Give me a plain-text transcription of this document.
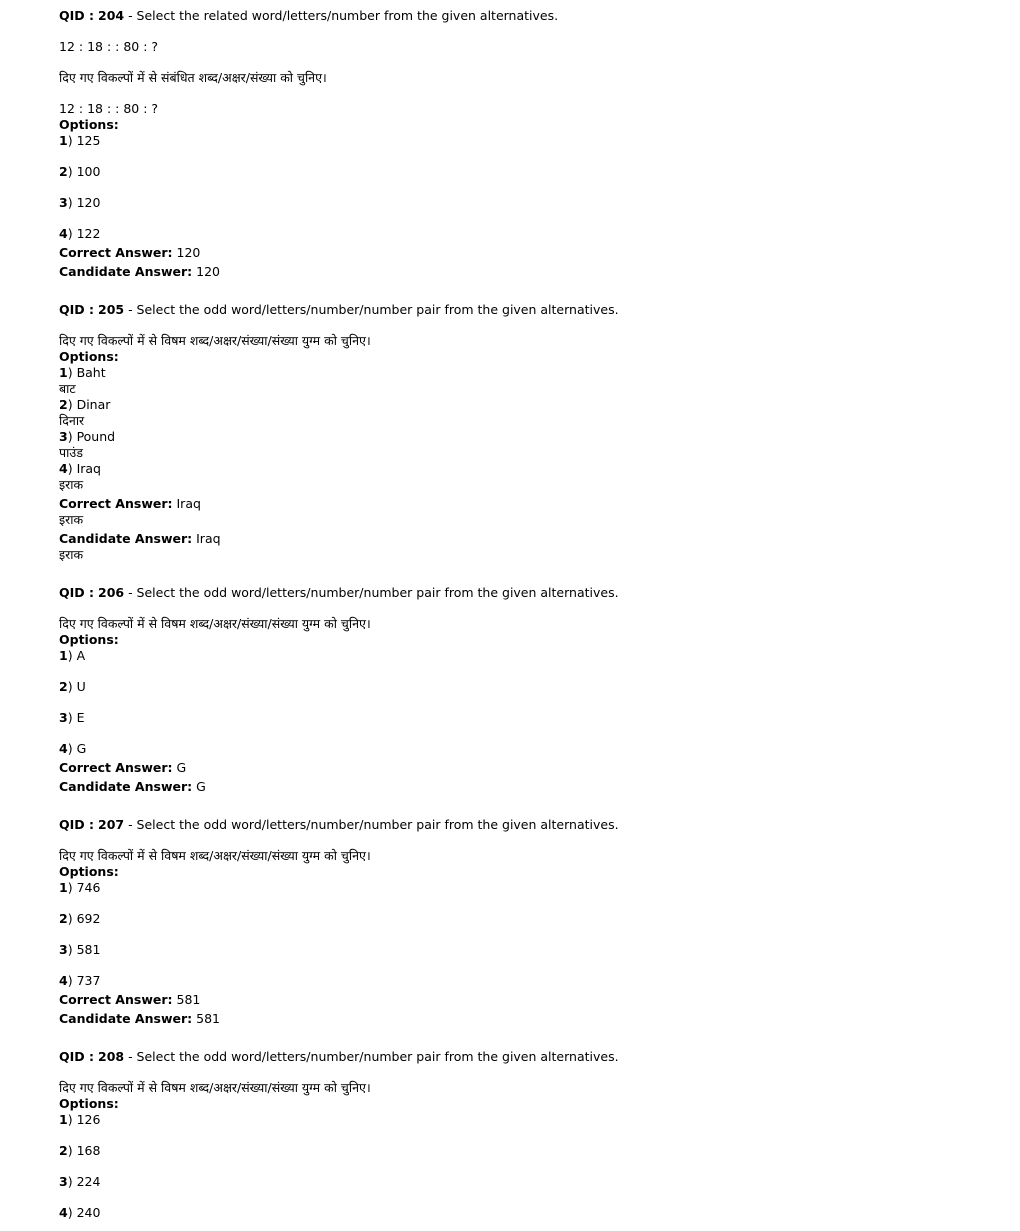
QID : 204 - Select the related word/letters/number from the given alternatives.
12 : 18 : : 80 : ?
दिए गए विकल्पों में से संबंधित शब्द/अक्षर/संख्या को चुनिए।
12 : 18 : : 80 : ?
Options:
1) 125
2) 100
3) 120
4) 122
Correct Answer: 120
Candidate Answer: 120
QID : 205 - Select the odd word/letters/number/number pair from the given alternatives.
दिए गए विकल्पों में से विषम शब्द/अक्षर/संख्या/संख्या युग्म को चुनिए।
Options:
1) Baht
बाट
2) Dinar
दिनार
3) Pound
पाउंड
4) Iraq
इराक
Correct Answer: Iraq
इराक
Candidate Answer: Iraq
इराक
QID : 206 - Select the odd word/letters/number/number pair from the given alternatives.
दिए गए विकल्पों में से विषम शब्द/अक्षर/संख्या/संख्या युग्म को चुनिए।
Options:
1) A
2) U
3) E
4) G
Correct Answer: G
Candidate Answer: G
QID : 207 - Select the odd word/letters/number/number pair from the given alternatives.
दिए गए विकल्पों में से विषम शब्द/अक्षर/संख्या/संख्या युग्म को चुनिए।
Options:
1) 746
2) 692
3) 581
4) 737
Correct Answer: 581
Candidate Answer: 581
QID : 208 - Select the odd word/letters/number/number pair from the given alternatives.
दिए गए विकल्पों में से विषम शब्द/अक्षर/संख्या/संख्या युग्म को चुनिए।
Options:
1) 126
2) 168
3) 224
4) 240
